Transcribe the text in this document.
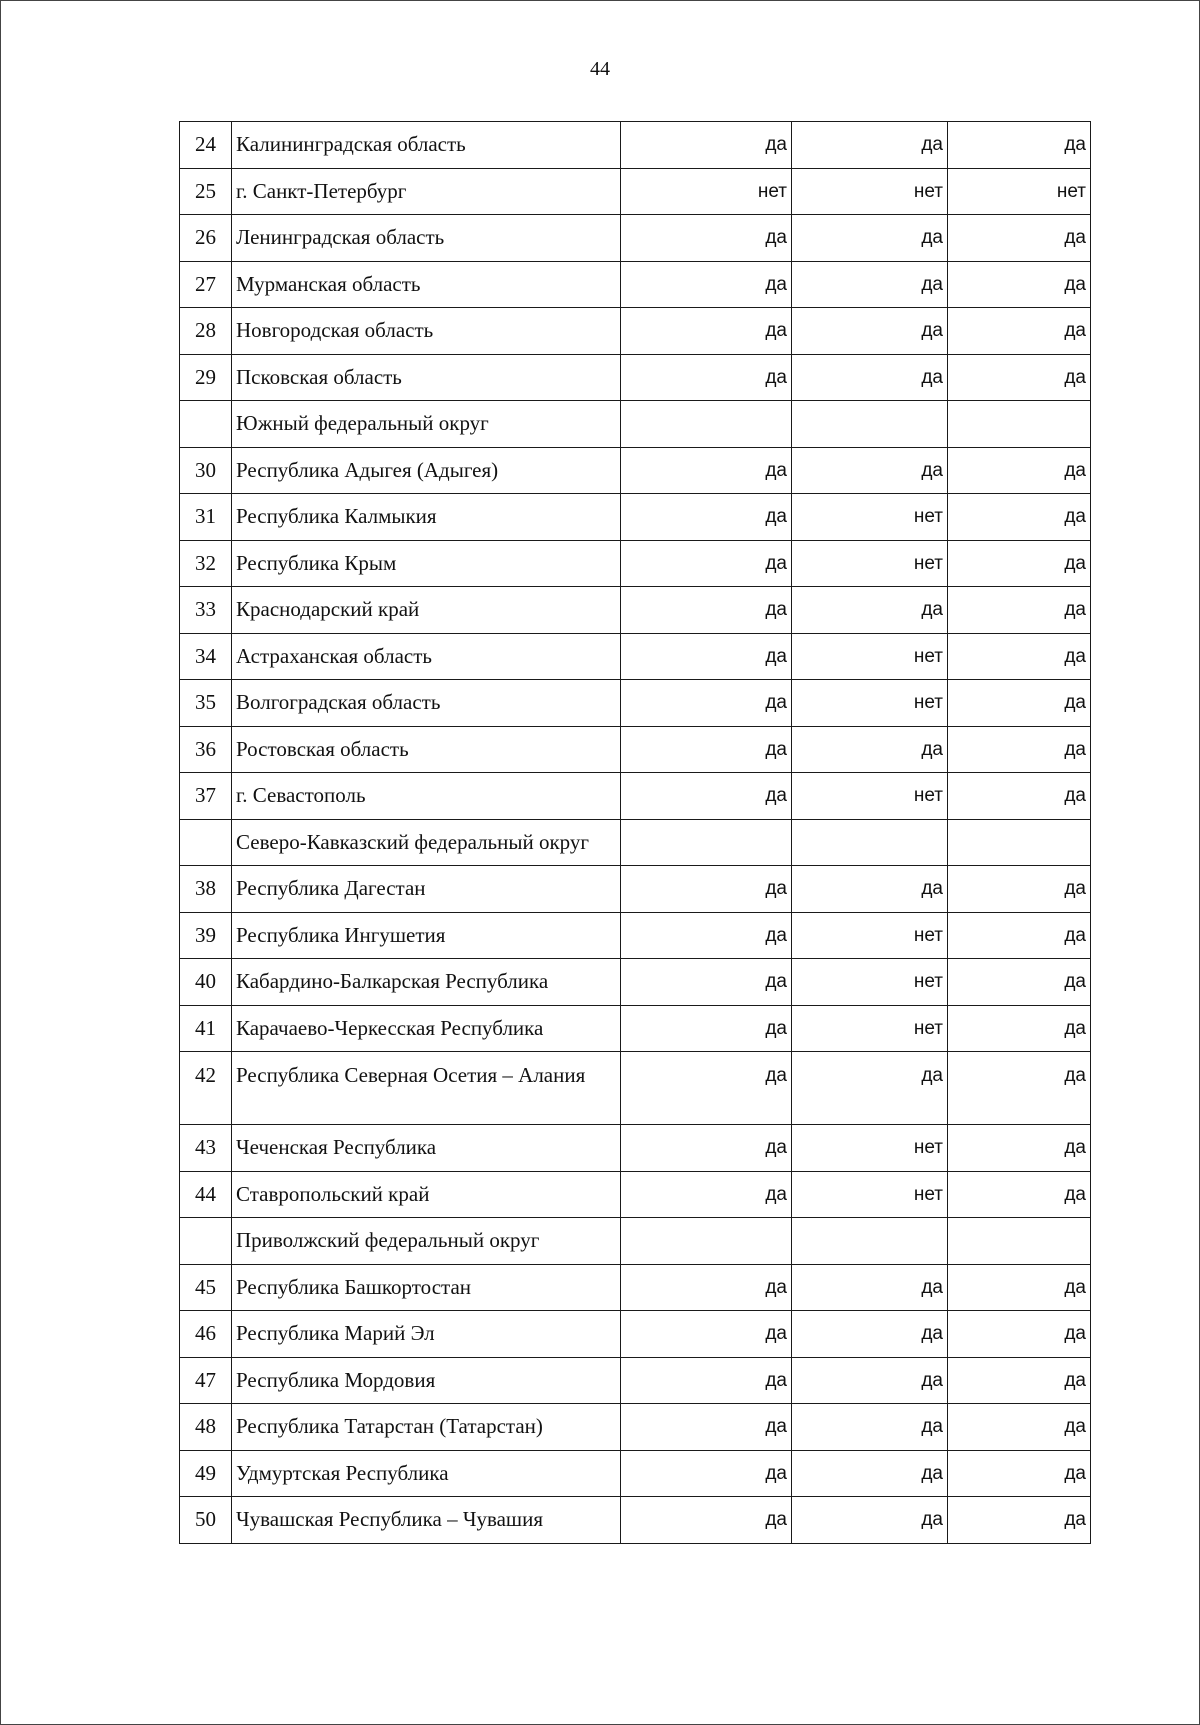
44
24	Калининградская область	да	да	да
25	г. Санкт-Петербург	нет	нет	нет
26	Ленинградская область	да	да	да
27	Мурманская область	да	да	да
28	Новгородская область	да	да	да
29	Псковская область	да	да	да
	Южный федеральный округ			
30	Республика Адыгея (Адыгея)	да	да	да
31	Республика Калмыкия	да	нет	да
32	Республика Крым	да	нет	да
33	Краснодарский край	да	да	да
34	Астраханская область	да	нет	да
35	Волгоградская область	да	нет	да
36	Ростовская область	да	да	да
37	г. Севастополь	да	нет	да
	Северо-Кавказский федеральный округ			
38	Республика Дагестан	да	да	да
39	Республика Ингушетия	да	нет	да
40	Кабардино-Балкарская Республика	да	нет	да
41	Карачаево-Черкесская Республика	да	нет	да
42	Республика Северная Осетия – Алания	да	да	да
43	Чеченская Республика	да	нет	да
44	Ставропольский край	да	нет	да
	Приволжский федеральный округ			
45	Республика Башкортостан	да	да	да
46	Республика Марий Эл	да	да	да
47	Республика Мордовия	да	да	да
48	Республика Татарстан (Татарстан)	да	да	да
49	Удмуртская Республика	да	да	да
50	Чувашская Республика – Чувашия	да	да	да
